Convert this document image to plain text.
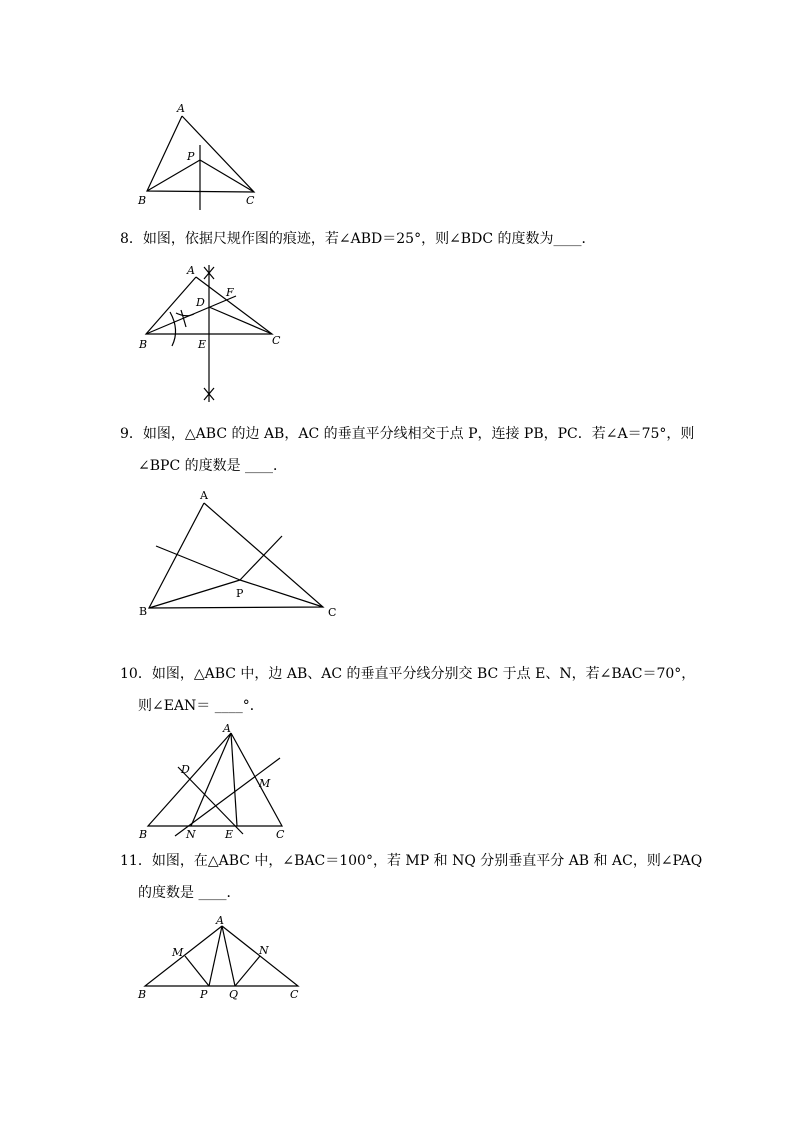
A
P
B	C
8．如图，依据尺规作图的痕迹，若∠ABD＝25°，则∠BDC 的度数为____．
A
D
F
B	E	C
9．如图，△ABC 的边 AB，AC 的垂直平分线相交于点 P，连接 PB，PC．若∠A＝75°，则
∠BPC 的度数是 ____．
A
P
B	C
10．如图，△ABC 中，边 AB、AC 的垂直平分线分别交 BC 于点 E、N，若∠BAC＝70°，
则∠EAN＝ ____°．
A
D
M
B	N	E	C
11．如图，在△ABC 中，∠BAC＝100°，若 MP 和 NQ 分别垂直平分 AB 和 AC，则∠PAQ
的度数是 ____．
A
M	N
B	P Q	C
